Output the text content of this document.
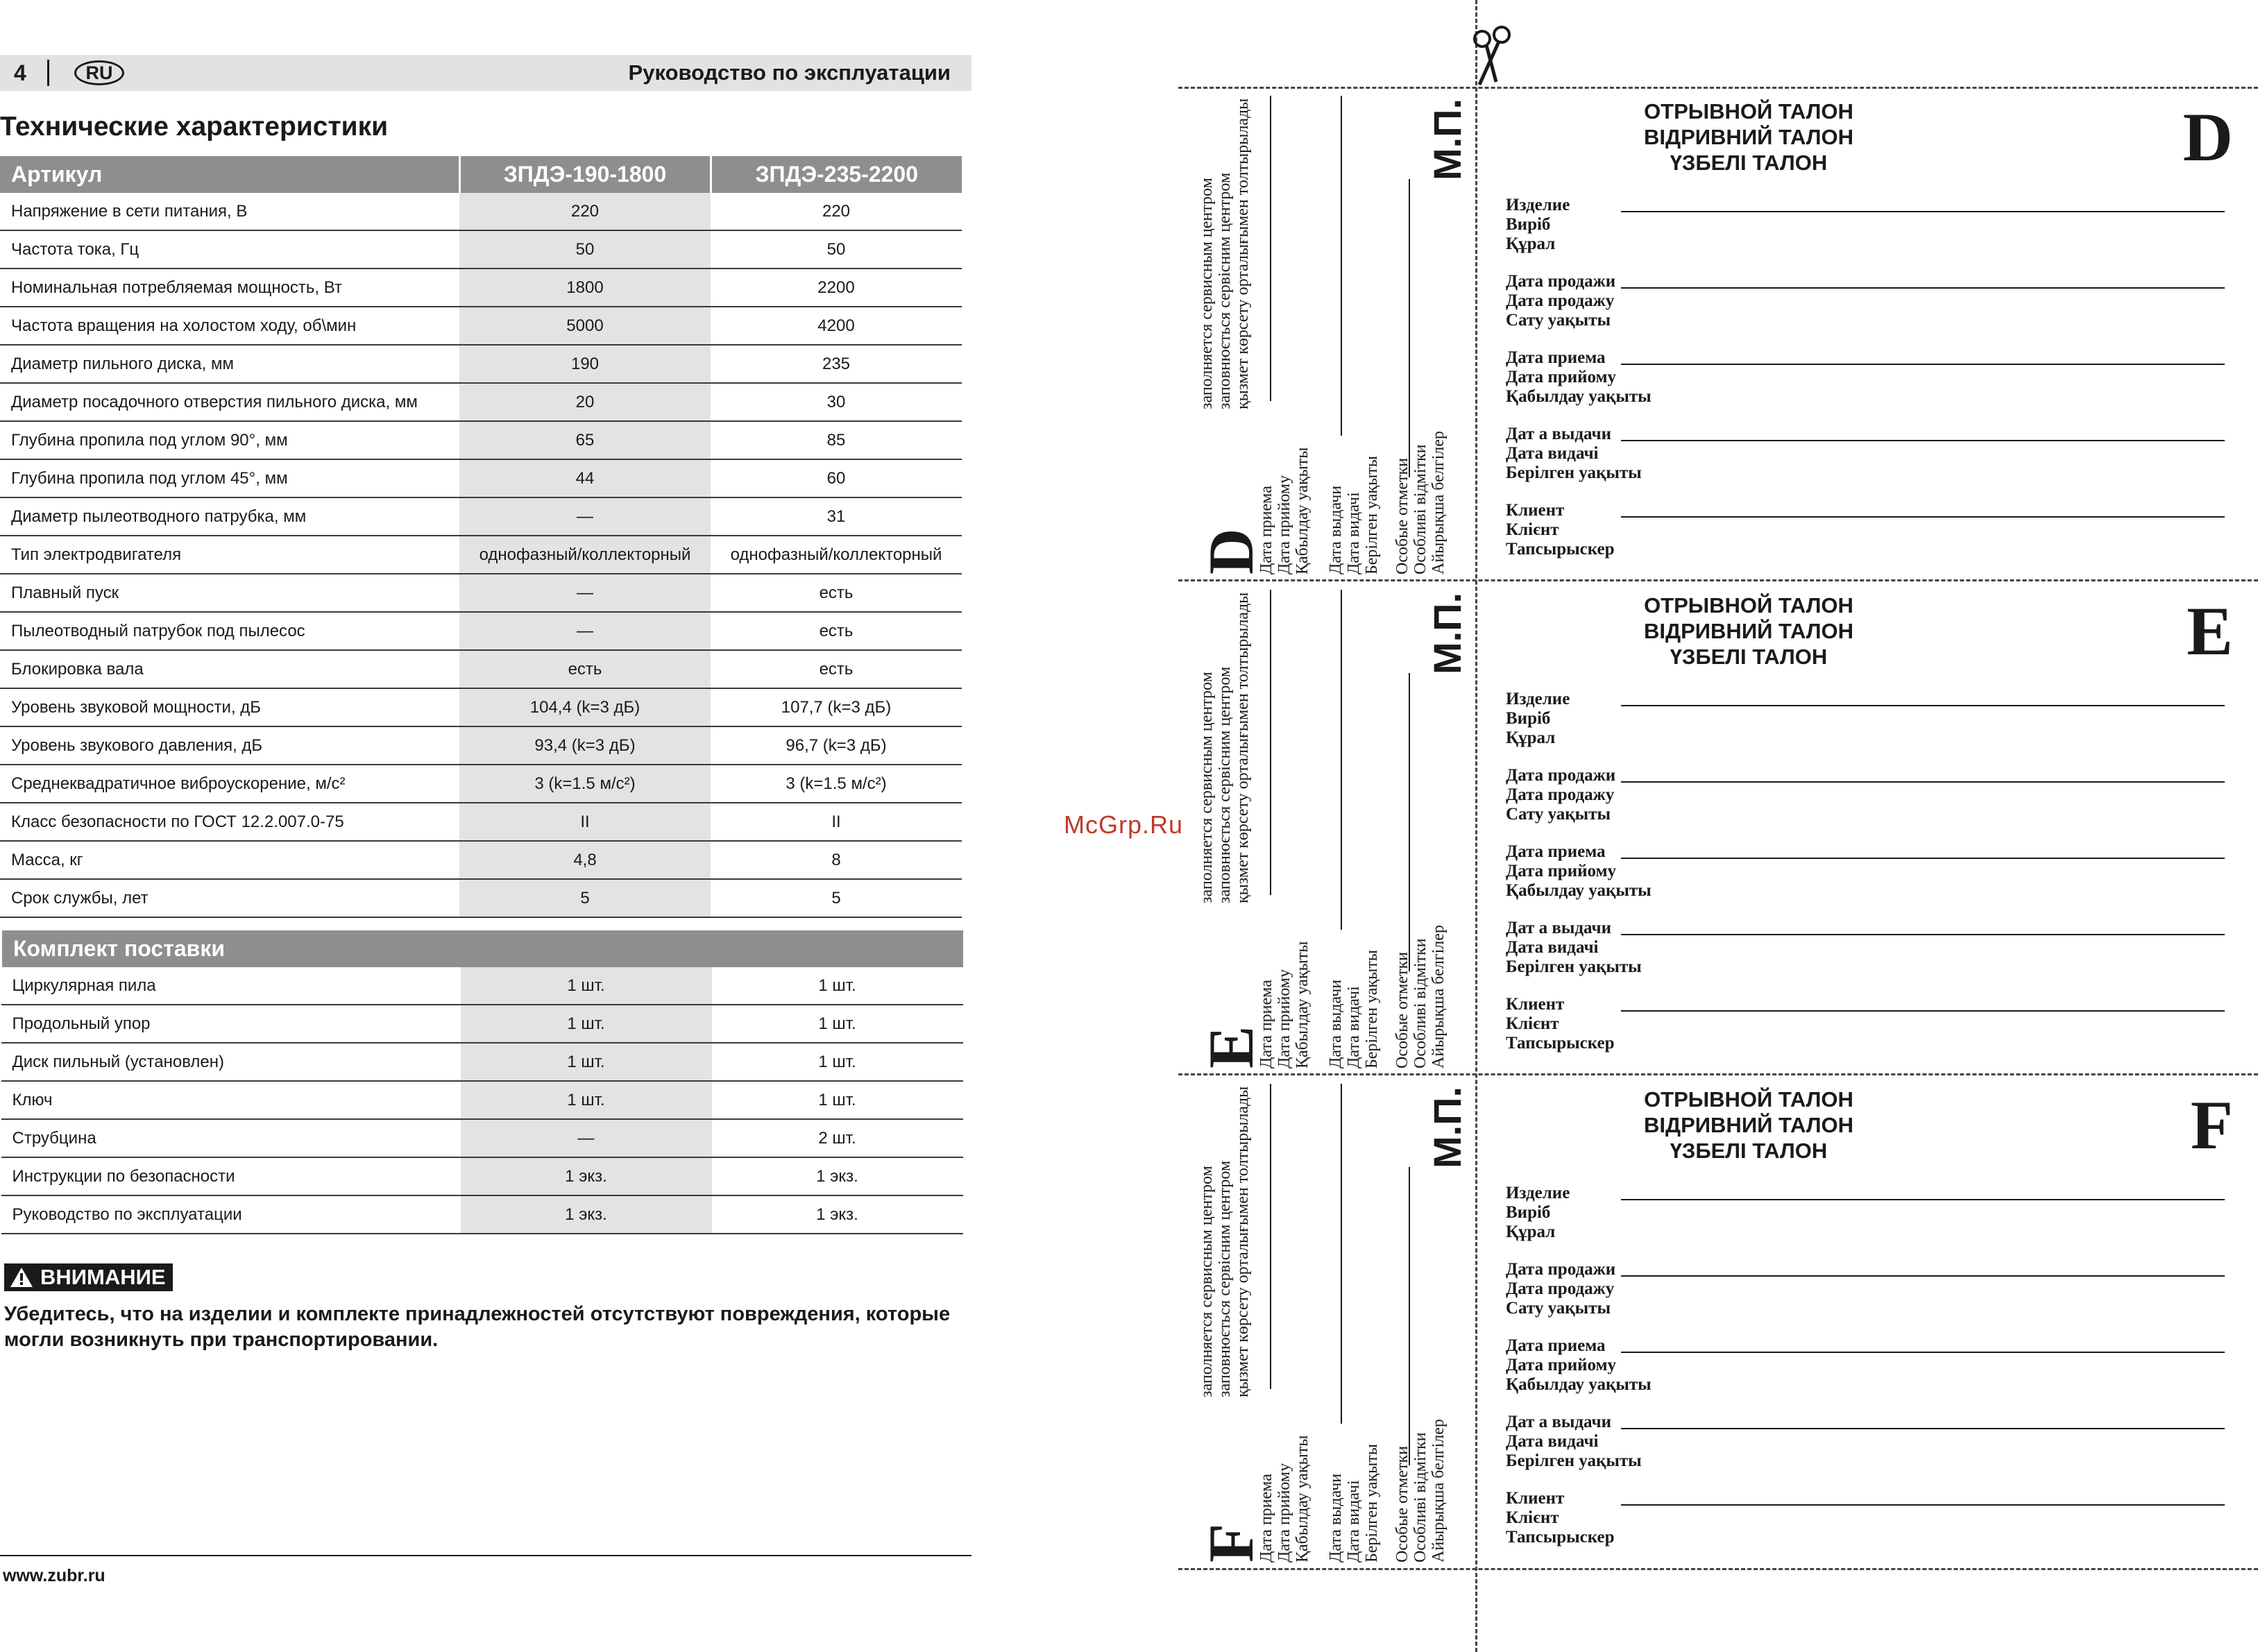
4	RU	Руководство по эксплуатации
Технические характеристики
Артикул	ЗПДЭ-190-1800	ЗПДЭ-235-2200
Напряжение в сети питания, В	220	220
Частота тока, Гц	50	50
Номинальная потребляемая мощность, Вт	1800	2200
Частота вращения на холостом ходу, об\мин	5000	4200
Диаметр пильного диска, мм	190	235
Диаметр посадочного отверстия пильного диска, мм	20	30
Глубина пропила под углом 90°, мм	65	85
Глубина пропила под углом 45°, мм	44	60
Диаметр пылеотводного патрубка, мм	—	31
Тип электродвигателя	однофазный/коллекторный	однофазный/коллекторный
Плавный пуск	—	есть
Пылеотводный патрубок под пылесос	—	есть
Блокировка вала	есть	есть
Уровень звуковой мощности, дБ	104,4 (k=3 дБ)	107,7 (k=3 дБ)
Уровень звукового давления, дБ	93,4 (k=3 дБ)	96,7 (k=3 дБ)
Среднеквадратичное виброускорение, м/с²	3 (k=1.5 м/с²)	3 (k=1.5 м/с²)
Класс безопасности по ГОСТ 12.2.007.0-75	II	II
Масса, кг	4,8	8
Срок службы, лет	5	5
Комплект поставки		
Циркулярная пила	1 шт.	1 шт.
Продольный упор	1 шт.	1 шт.
Диск пильный (установлен)	1 шт.	1 шт.
Ключ	1 шт.	1 шт.
Струбцина	—	2 шт.
Инструкции по безопасности	1 экз.	1 экз.
Руководство по эксплуатации	1 экз.	1 экз.
ВНИМАНИЕ
Убедитесь, что на изделии и комплекте принадлежностей отсутствуют повреждения, которые могли возникнуть при транспортировании.
www.zubr.ru
McGrp.Ru
D
заполняется сервисным центром заповнюється сервісним центром қызмет көрсету орталығымен толтырылады
Дата приема Дата прийому Қабылдау уақыты Дата выдачи Дата видачі Берілген уақыты Особые отметки Особливі відмітки Айырықша белгілер
М.П.	ОТРЫВНОЙ ТАЛОН
ВІДРИВНИЙ ТАЛОН
ҮЗБЕЛІ ТАЛОН	D
Изделие
Виріб
Құрал
Дата продажи
Дата продажу
Сату уақыты
Дата приема
Дата прийому
Қабылдау уақыты
Дат а выдачи
Дата видачі
Берілген уақыты
Клиент
Клієнт
Тапсырыскер
E
заполняется сервисным центром заповнюється сервісним центром қызмет көрсету орталығымен толтырылады
Дата приема Дата прийому Қабылдау уақыты Дата выдачи Дата видачі Берілген уақыты Особые отметки Особливі відмітки Айырықша белгілер
М.П.	ОТРЫВНОЙ ТАЛОН
ВІДРИВНИЙ ТАЛОН
ҮЗБЕЛІ ТАЛОН	E
Изделие
Виріб
Құрал
Дата продажи
Дата продажу
Сату уақыты
Дата приема
Дата прийому
Қабылдау уақыты
Дат а выдачи
Дата видачі
Берілген уақыты
Клиент
Клієнт
Тапсырыскер
F
заполняется сервисным центром заповнюється сервісним центром қызмет көрсету орталығымен толтырылады
Дата приема Дата прийому Қабылдау уақыты Дата выдачи Дата видачі Берілген уақыты Особые отметки Особливі відмітки Айырықша белгілер
М.П.	ОТРЫВНОЙ ТАЛОН
ВІДРИВНИЙ ТАЛОН
ҮЗБЕЛІ ТАЛОН	F
Изделие
Виріб
Құрал
Дата продажи
Дата продажу
Сату уақыты
Дата приема
Дата прийому
Қабылдау уақыты
Дат а выдачи
Дата видачі
Берілген уақыты
Клиент
Клієнт
Тапсырыскер
